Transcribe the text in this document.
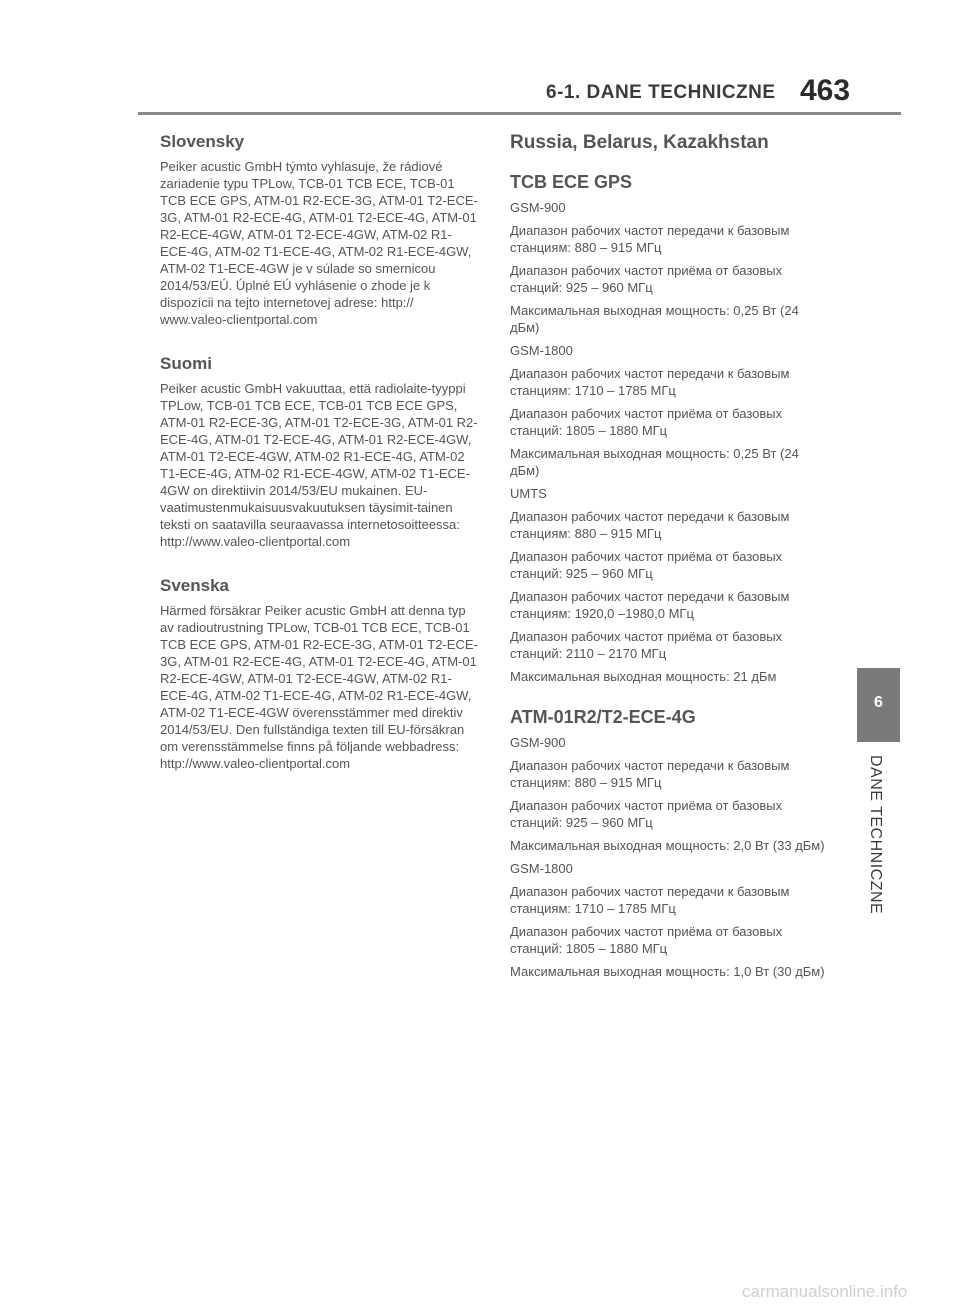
6-1. DANE TECHNICZNE 463
Slovensky

Peiker acustic GmbH týmto vyhlasuje, že rádiové zariadenie typu TPLow, TCB-01 TCB ECE, TCB-01 TCB ECE GPS, ATM-01 R2-ECE-3G, ATM-01 T2-ECE-3G, ATM-01 R2-ECE-4G, ATM-01 T2-ECE-4G, ATM-01 R2-ECE-4GW, ATM-01 T2-ECE-4GW, ATM-02 R1-ECE-4G, ATM-02 T1-ECE-4G, ATM-02 R1-ECE-4GW, ATM-02 T1-ECE-4GW je v súlade so smernicou 2014/53/EÚ. Úplné EÚ vyhlásenie o zhode je k dispozícii na tejto internetovej adrese: http:// www.valeo-clientportal.com

Suomi

Peiker acustic GmbH vakuuttaa, että radiolaite-tyyppi TPLow, TCB-01 TCB ECE, TCB-01 TCB ECE GPS, ATM-01 R2-ECE-3G, ATM-01 T2-ECE-3G, ATM-01 R2-ECE-4G, ATM-01 T2-ECE-4G, ATM-01 R2-ECE-4GW, ATM-01 T2-ECE-4GW, ATM-02 R1-ECE-4G, ATM-02 T1-ECE-4G, ATM-02 R1-ECE-4GW, ATM-02 T1-ECE-4GW on direktiivin 2014/53/EU mukainen. EU-vaatimustenmukaisuusvakuutuksen täysimit-tainen teksti on saatavilla seuraavassa internetosoitteessa: http://www.valeo-clientportal.com

Svenska

Härmed försäkrar Peiker acustic GmbH att denna typ av radioutrustning TPLow, TCB-01 TCB ECE, TCB-01 TCB ECE GPS, ATM-01 R2-ECE-3G, ATM-01 T2-ECE-3G, ATM-01 R2-ECE-4G, ATM-01 T2-ECE-4G, ATM-01 R2-ECE-4GW, ATM-01 T2-ECE-4GW, ATM-02 R1-ECE-4G, ATM-02 T1-ECE-4G, ATM-02 R1-ECE-4GW, ATM-02 T1-ECE-4GW överensstämmer med direktiv 2014/53/EU. Den fullständiga texten till EU-försäkran om verensstämmelse finns på följande webbadress: http://www.valeo-clientportal.com

Russia, Belarus, Kazakhstan
TCB ECE GPS
GSM-900
Диапазон рабочих частот передачи к базовым станциям: 880 – 915 МГц
Диапазон рабочих частот приёма от базовых станций: 925 – 960 МГц
Максимальная выходная мощность: 0,25 Вт (24 дБм)
GSM-1800
Диапазон рабочих частот передачи к базовым станциям: 1710 – 1785 МГц
Диапазон рабочих частот приёма от базовых станций: 1805 – 1880 МГц
Максимальная выходная мощность: 0,25 Вт (24 дБм)
UMTS
Диапазон рабочих частот передачи к базовым станциям: 880 – 915 МГц
Диапазон рабочих частот приёма от базовых станций: 925 – 960 МГц
Диапазон рабочих частот передачи к базовым станциям: 1920,0 –1980,0 МГц
Диапазон рабочих частот приёма от базовых станций: 2110 – 2170 МГц
Максимальная выходная мощность: 21 дБм
ATM-01R2/T2-ECE-4G
GSM-900
Диапазон рабочих частот передачи к базовым станциям: 880 – 915 МГц
Диапазон рабочих частот приёма от базовых станций: 925 – 960 МГц
Максимальная выходная мощность: 2,0 Вт (33 дБм)
GSM-1800
Диапазон рабочих частот передачи к базовым станциям: 1710 – 1785 МГц
Диапазон рабочих частот приёма от базовых станций: 1805 – 1880 МГц
Максимальная выходная мощность: 1,0 Вт (30 дБм)
6
DANE TECHNICZNE
carmanualsonline.info
